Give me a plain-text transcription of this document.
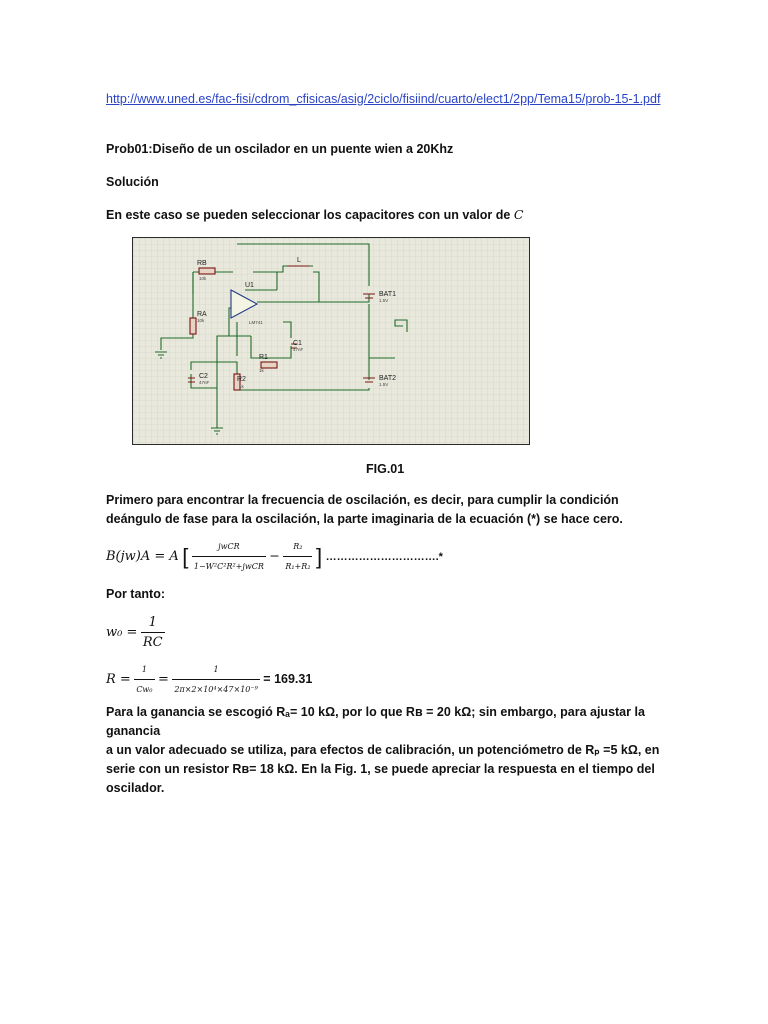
http://www.uned.es/fac-fisi/cdrom_cfisicas/asig/2ciclo/fisiind/cuarto/elect1/2pp/Tema15/prob-15-1.pdf
Prob01:Diseño de un oscilador en un puente wien a 20Khz
Solución
En este caso se pueden seleccionar los capacitores con un valor de C
B(jw)A = A [ $\frac{\text{jwCR}}{\text{1−W²C²R²+jwCR}} - \frac{\text{R₂}}{\text{R₁+R₂}}$ ] ………………………….*
Por tanto:
$w_0 = \frac{1}{RC}$
$R = \frac{1}{\text{Cw₀}} = \frac{1}{\text{2π×2×10⁴×47×10⁻⁹}} = 169.31$
Para la ganancia se escogió Rₐ= 10 kΩ, por lo que Rʙ = 20 kΩ; sin embargo, para ajustar la ganancia
a un valor adecuado se utiliza, para efectos de calibración, un potenciómetro de Rₚ =5 kΩ, en
serie con un resistor Rʙ= 18 kΩ. En la Fig. 1, se puede apreciar la respuesta en el tiempo del
oscilador.
Primero para encontrar la frecuencia de oscilación, es decir, para cumplir la condición deángulo de fase para la oscilación, la parte imaginaria de la ecuación (*) se hace cero.
FIG.01
RB
RA
U1
C1
R1
R2
C2
BAT1
BAT2
L
10k
10k
1k
1k
47nF
47nF
1.5V
1.5V
LM741
